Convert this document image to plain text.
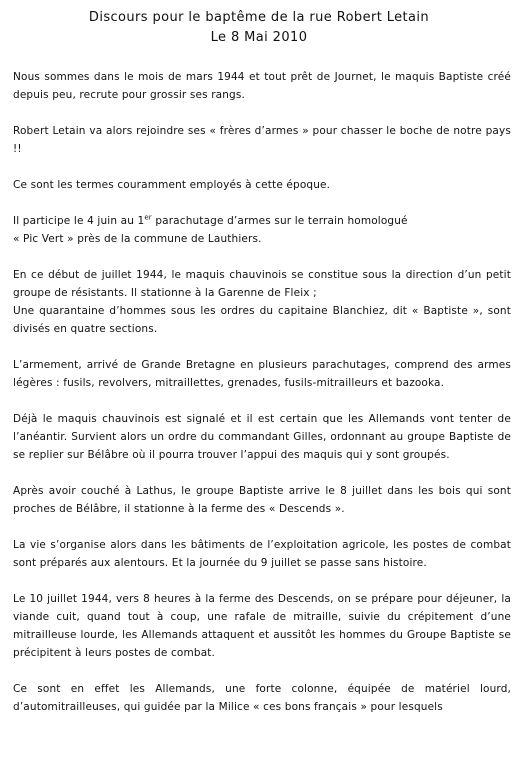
Discours pour le baptême de la rue Robert Letain
Le 8 Mai 2010

Nous sommes dans le mois de mars 1944 et tout prêt de Journet, le maquis Baptiste créé depuis peu, recrute pour grossir ses rangs.

Robert Letain va alors rejoindre ses « frères d’armes » pour chasser le boche de notre pays !!

Ce sont les termes couramment employés à cette époque.

Il participe le 4 juin au 1er parachutage d’armes sur le terrain homologué
« Pic Vert » près de la commune de Lauthiers.

En ce début de juillet 1944, le maquis chauvinois se constitue sous la direction d’un petit groupe de résistants. Il stationne à la Garenne de Fleix ;
Une quarantaine d’hommes sous les ordres du capitaine Blanchiez, dit « Baptiste », sont divisés en quatre sections.

L’armement, arrivé de Grande Bretagne en plusieurs parachutages, comprend des armes légères : fusils, revolvers, mitraillettes, grenades, fusils-mitrailleurs et bazooka.

Déjà le maquis chauvinois est signalé et il est certain que les Allemands vont tenter de l’anéantir. Survient alors un ordre du commandant Gilles, ordonnant au groupe Baptiste de se replier sur Bélâbre où il pourra trouver l’appui des maquis qui y sont groupés.

Après avoir couché à Lathus, le groupe Baptiste arrive le 8 juillet dans les bois qui sont proches de Bélâbre, il stationne à la ferme des « Descends ».

La vie s’organise alors dans les bâtiments de l’exploitation agricole, les postes de combat sont préparés aux alentours. Et la journée du 9 juillet se passe sans histoire.

Le 10 juillet 1944, vers 8 heures à la ferme des Descends, on se prépare pour déjeuner, la viande cuit, quand tout à coup, une rafale de mitraille, suivie du crépitement d’une mitrailleuse lourde, les Allemands attaquent et aussitôt les hommes du Groupe Baptiste se précipitent à leurs postes de combat.

Ce sont en effet les Allemands, une forte colonne, équipée de matériel lourd, d’automitrailleuses, qui guidée par la Milice « ces bons français » pour lesquels
